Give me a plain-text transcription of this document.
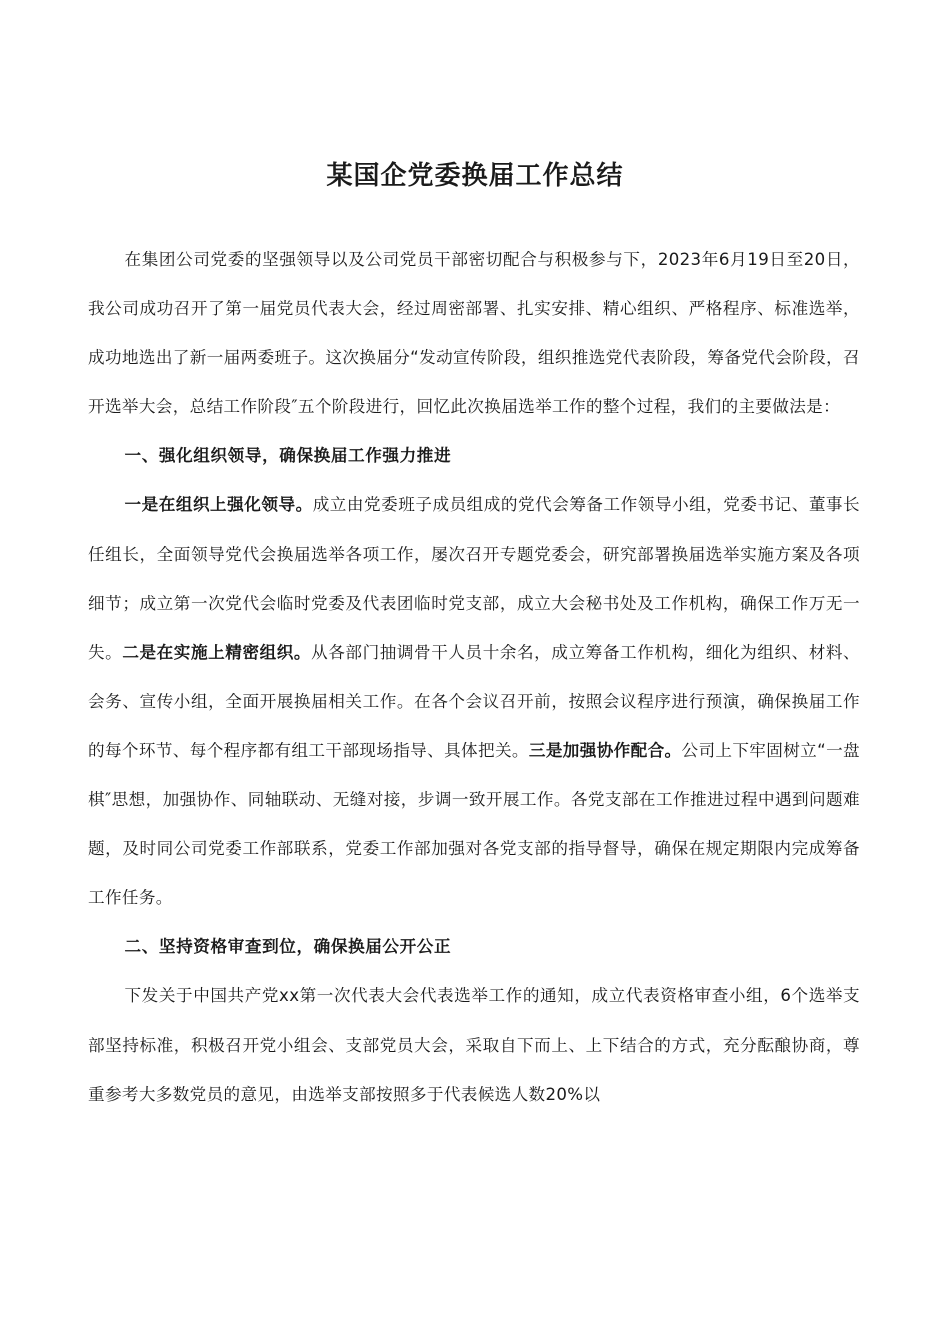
某国企党委换届工作总结

在集团公司党委的坚强领导以及公司党员干部密切配合与积极参与下，2023年6月19日至20日，我公司成功召开了第一届党员代表大会，经过周密部署、扎实安排、精心组织、严格程序、标准选举，成功地选出了新一届两委班子。这次换届分“发动宣传阶段，组织推选党代表阶段，筹备党代会阶段，召开选举大会，总结工作阶段″五个阶段进行，回忆此次换届选举工作的整个过程，我们的主要做法是：

一、强化组织领导，确保换届工作强力推进

一是在组织上强化领导。成立由党委班子成员组成的党代会筹备工作领导小组，党委书记、董事长任组长，全面领导党代会换届选举各项工作，屡次召开专题党委会，研究部署换届选举实施方案及各项细节；成立第一次党代会临时党委及代表团临时党支部，成立大会秘书处及工作机构，确保工作万无一失。二是在实施上精密组织。从各部门抽调骨干人员十余名，成立筹备工作机构，细化为组织、材料、会务、宣传小组，全面开展换届相关工作。在各个会议召开前，按照会议程序进行预演，确保换届工作的每个环节、每个程序都有组工干部现场指导、具体把关。三是加强协作配合。公司上下牢固树立“一盘棋″思想，加强协作、同轴联动、无缝对接，步调一致开展工作。各党支部在工作推进过程中遇到问题难题，及时同公司党委工作部联系，党委工作部加强对各党支部的指导督导，确保在规定期限内完成筹备工作任务。

二、坚持资格审查到位，确保换届公开公正

下发关于中国共产党xx第一次代表大会代表选举工作的通知，成立代表资格审查小组，6个选举支部坚持标准，积极召开党小组会、支部党员大会，采取自下而上、上下结合的方式，充分酝酿协商，尊重参考大多数党员的意见，由选举支部按照多于代表候选人数20%以
